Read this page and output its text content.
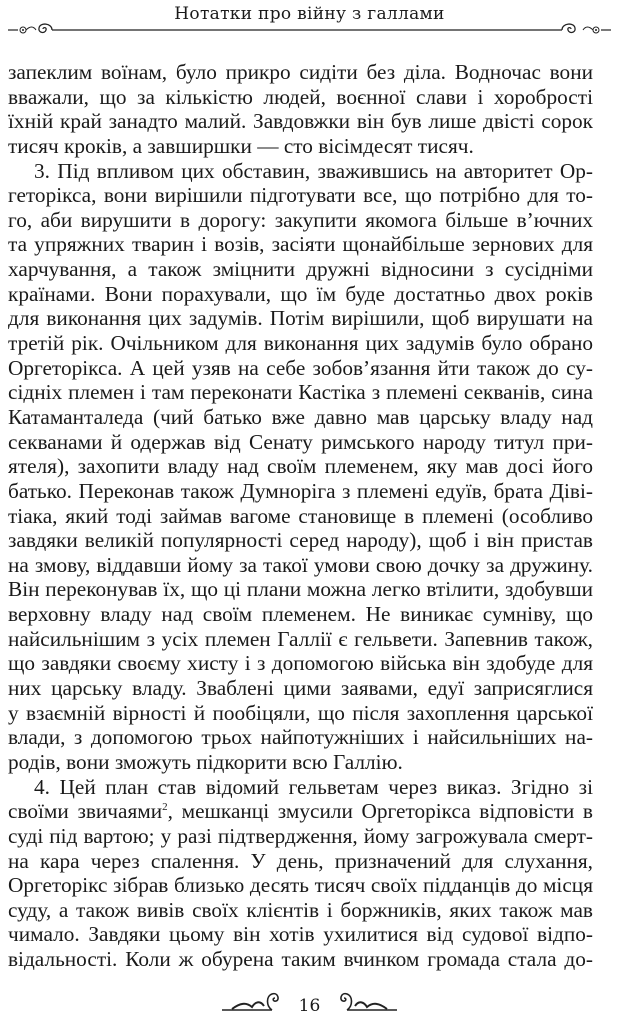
Нотатки про війну з галлами
запеклим воїнам, було прикро сидіти без діла. Водночас вони
вважали, що за кількістю людей, воєнної слави і хоробрості
їхній край занадто малий. Завдовжки він був лише двісті сорок
тисяч кроків, а завширшки — сто вісімдесят тисяч.
3. Під впливом цих обставин, зважившись на авторитет Ор-
геторікса, вони вирішили підготувати все, що потрібно для то-
го, аби вирушити в дорогу: закупити якомога більше в’ючних
та упряжних тварин і возів, засіяти щонайбільше зернових для
харчування, а також зміцнити дружні відносини з сусідніми
країнами. Вони порахували, що їм буде достатньо двох років
для виконання цих задумів. Потім вирішили, щоб вирушати на
третій рік. Очільником для виконання цих задумів було обрано
Оргеторікса. А цей узяв на себе зобов’язання йти також до су-
сідніх племен і там переконати Кастіка з племені секванів, сина
Катаманталеда (чий батько вже давно мав царську владу над
секванами й одержав від Сенату римського народу титул при-
ятеля), захопити владу над своїм племенем, яку мав досі його
батько. Переконав також Думноріга з племені едуїв, брата Діві-
тіака, який тоді займав вагоме становище в племені (особливо
завдяки великій популярності серед народу), щоб і він пристав
на змову, віддавши йому за такої умови свою дочку за дружину.
Він переконував їх, що ці плани можна легко втілити, здобувши
верховну владу над своїм племенем. Не виникає сумніву, що
найсильнішим з усіх племен Галлії є гельвети. Запевнив також,
що завдяки своєму хисту і з допомогою війська він здобуде для
них царську владу. Зваблені цими заявами, едуї заприсяглися
у взаємній вірності й пообіцяли, що після захоплення царської
влади, з допомогою трьох найпотужніших і найсильніших на-
родів, вони зможуть підкорити всю Галлію.
4. Цей план став відомий гельветам через виказ. Згідно зі
своїми звичаями$^2$, мешканці змусили Оргеторікса відповісти в
суді під вартою; у разі підтвердження, йому загрожувала смерт-
на кара через спалення. У день, призначений для слухання,
Оргеторікс зібрав близько десять тисяч своїх підданців до місця
суду, а також вивів своїх клієнтів і боржників, яких також мав
чимало. Завдяки цьому він хотів ухилитися від судової відпо-
відальності. Коли ж обурена таким вчинком громада стала до-
16
